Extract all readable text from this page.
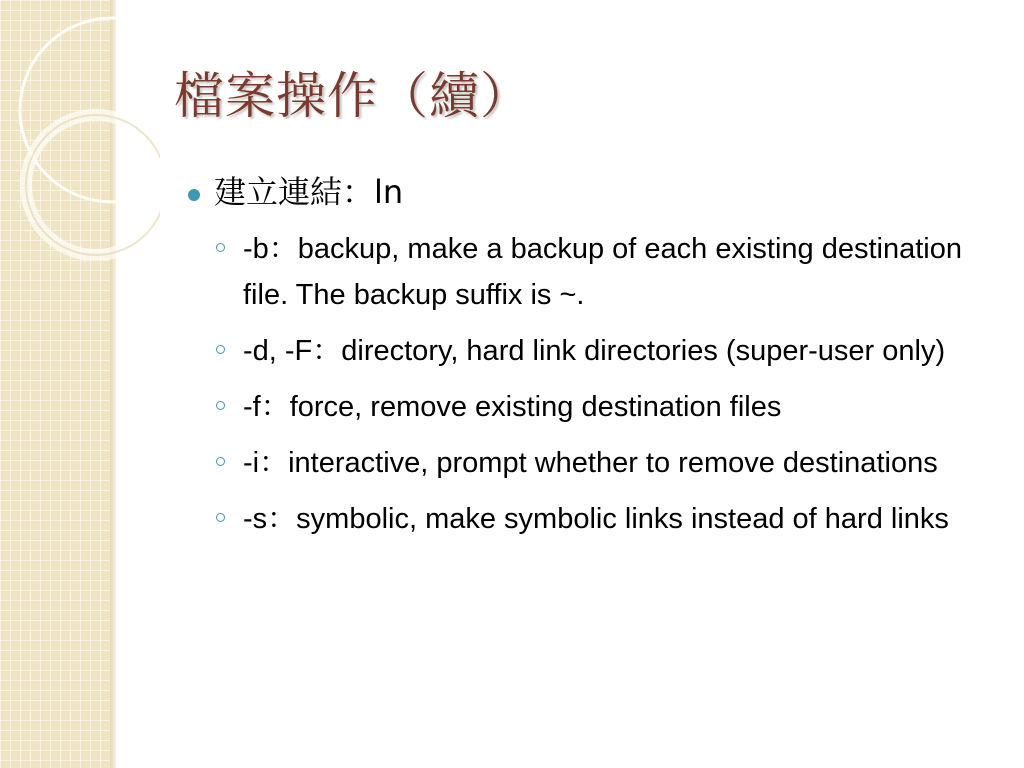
檔案操作（續）
建立連結：ln
-b：backup, make a backup of each existing destination file. The backup suffix is ~.
-d, -F：directory, hard link directories (super-user only)
-f：force, remove existing destination files
-i：interactive, prompt whether to remove destinations
-s：symbolic, make symbolic links instead of hard links
